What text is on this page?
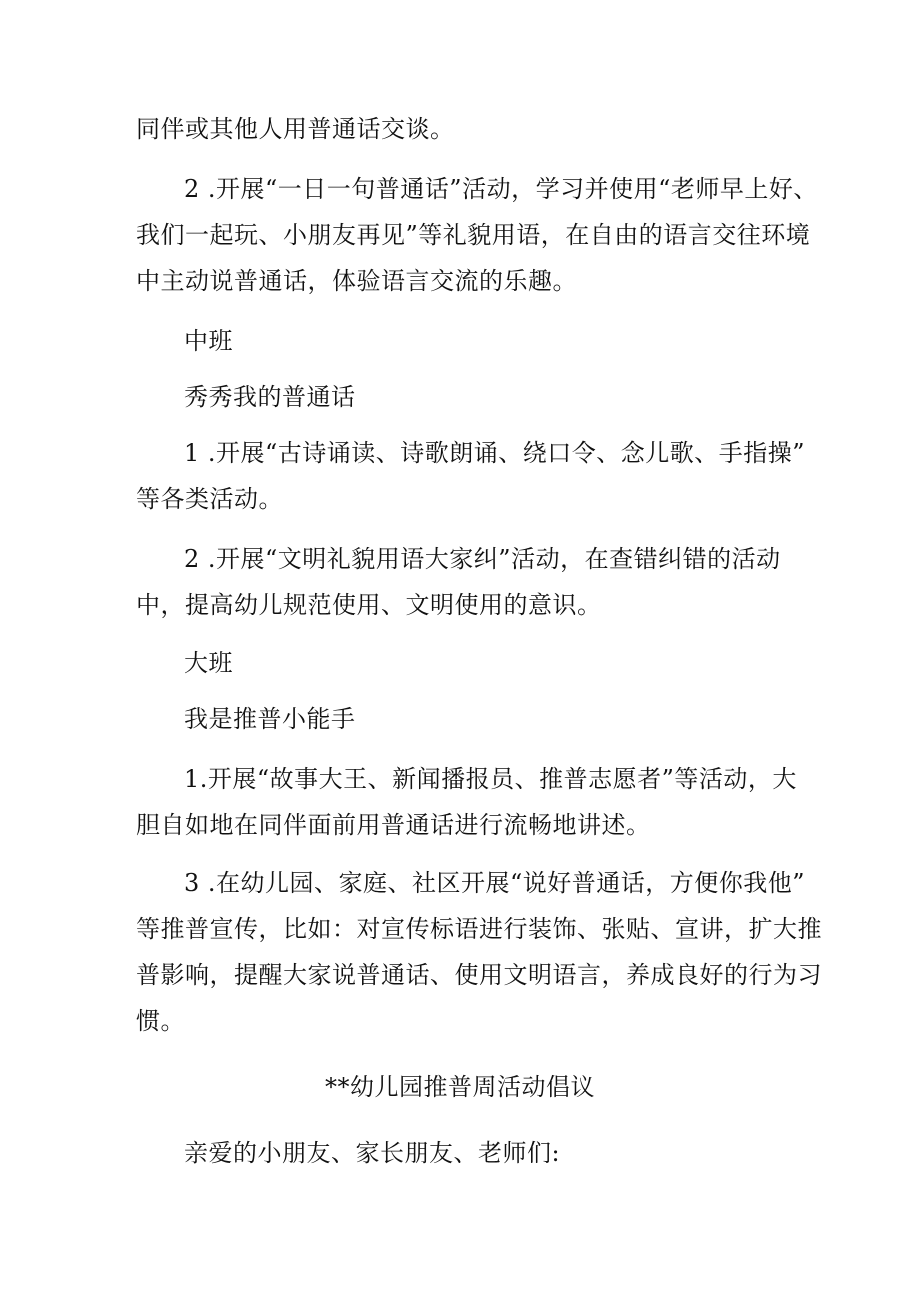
同伴或其他人用普通话交谈。

2 .开展“一日一句普通话”活动，学习并使用“老师早上好、
我们一起玩、小朋友再见”等礼貌用语，在自由的语言交往环境
中主动说普通话，体验语言交流的乐趣。

中班

秀秀我的普通话

1 .开展“古诗诵读、诗歌朗诵、绕口令、念儿歌、手指操”
等各类活动。

2 .开展“文明礼貌用语大家纠”活动，在查错纠错的活动
中，提高幼儿规范使用、文明使用的意识。

大班

我是推普小能手

1.开展“故事大王、新闻播报员、推普志愿者”等活动，大
胆自如地在同伴面前用普通话进行流畅地讲述。

3 .在幼儿园、家庭、社区开展“说好普通话，方便你我他”
等推普宣传，比如：对宣传标语进行装饰、张贴、宣讲，扩大推
普影响，提醒大家说普通话、使用文明语言，养成良好的行为习
惯。

**幼儿园推普周活动倡议

亲爱的小朋友、家长朋友、老师们:
